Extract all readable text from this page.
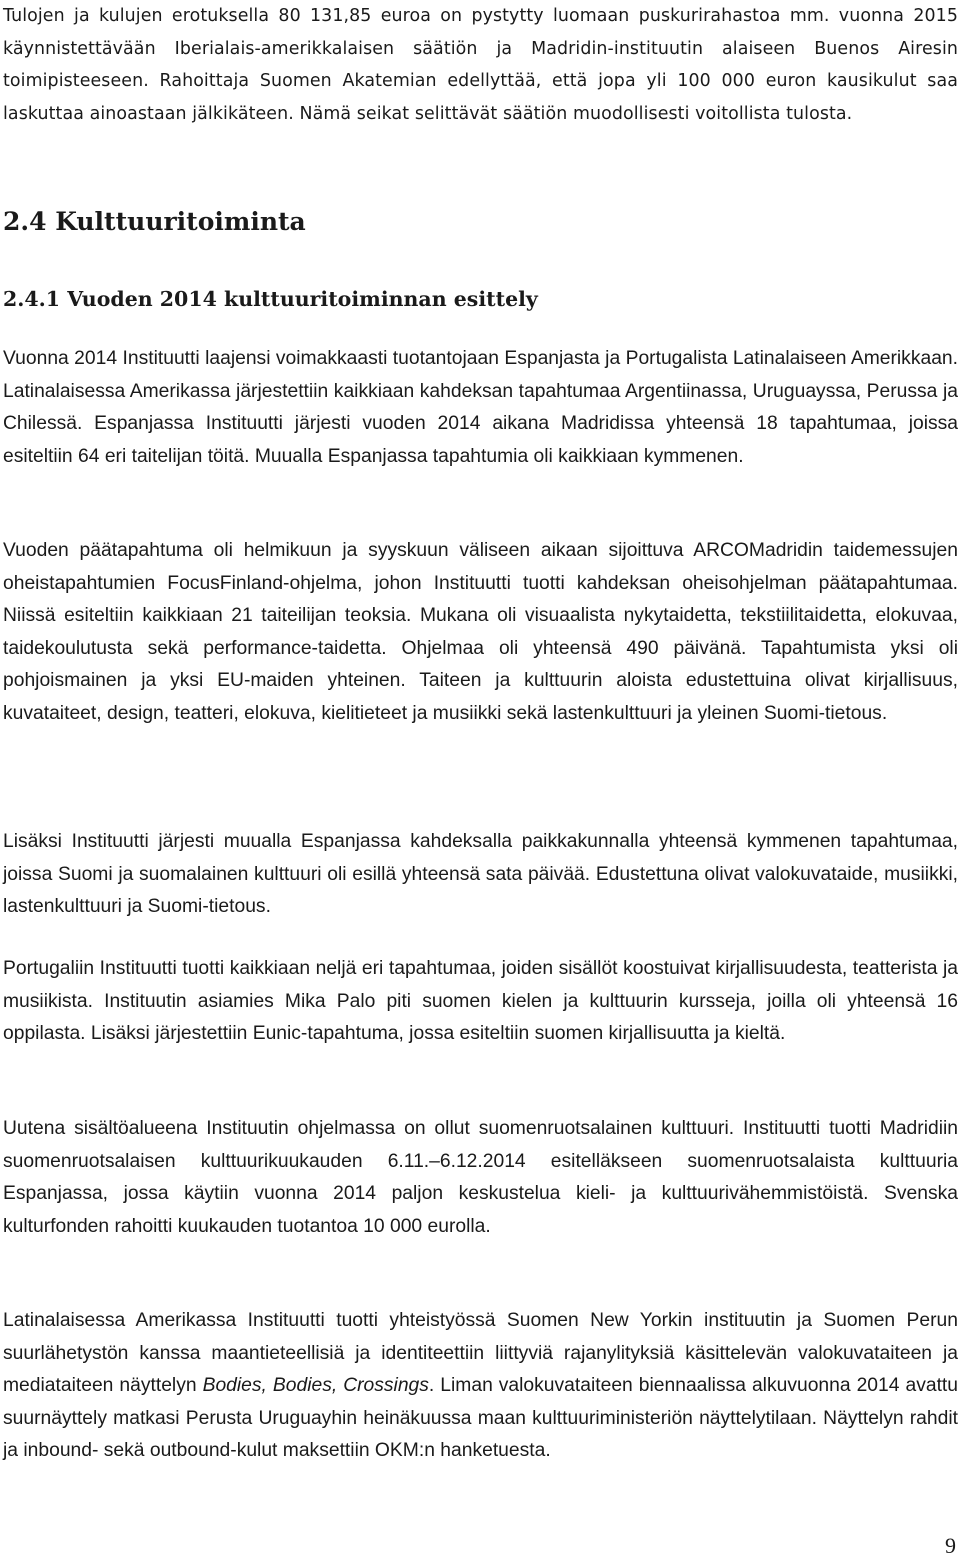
Tulojen ja kulujen erotuksella 80 131,85 euroa on pystytty luomaan puskurirahastoa mm. vuonna 2015 käynnistettävään Iberialais-amerikkalaisen säätiön ja Madridin-instituutin alaiseen Buenos Airesin toimipisteeseen. Rahoittaja Suomen Akatemian edellyttää, että jopa yli 100 000 euron kausikulut saa laskuttaa ainoastaan jälkikäteen. Nämä seikat selittävät säätiön muodollisesti voitollista tulosta.

2.4 Kulttuuritoiminta
2.4.1 Vuoden 2014 kulttuuritoiminnan esittely

Vuonna 2014 Instituutti laajensi voimakkaasti tuotantojaan Espanjasta ja Portugalista Latinalaiseen Amerikkaan. Latinalaisessa Amerikassa järjestettiin kaikkiaan kahdeksan tapahtumaa Argentiinassa, Uruguayssa, Perussa ja Chilessä. Espanjassa Instituutti järjesti vuoden 2014 aikana Madridissa yhteensä 18 tapahtumaa, joissa esiteltiin 64 eri taitelijan töitä. Muualla Espanjassa tapahtumia oli kaikkiaan kymmenen.

Vuoden päätapahtuma oli helmikuun ja syyskuun väliseen aikaan sijoittuva ARCOMadridin taidemessujen oheistapahtumien FocusFinland-ohjelma, johon Instituutti tuotti kahdeksan oheisohjelman päätapahtumaa. Niissä esiteltiin kaikkiaan 21 taiteilijan teoksia. Mukana oli visuaalista nykytaidetta, tekstiilitaidetta, elokuvaa, taidekoulutusta sekä performance-taidetta. Ohjelmaa oli yhteensä 490 päivänä. Tapahtumista yksi oli pohjoismainen ja yksi EU-maiden yhteinen. Taiteen ja kulttuurin aloista edustettuina olivat kirjallisuus, kuvataiteet, design, teatteri, elokuva, kielitieteet ja musiikki sekä lastenkulttuuri ja yleinen Suomi-tietous.

Lisäksi Instituutti järjesti muualla Espanjassa kahdeksalla paikkakunnalla yhteensä kymmenen tapahtumaa, joissa Suomi ja suomalainen kulttuuri oli esillä yhteensä sata päivää. Edustettuna olivat valokuvataide, musiikki, lastenkulttuuri ja Suomi-tietous.

Portugaliin Instituutti tuotti kaikkiaan neljä eri tapahtumaa, joiden sisällöt koostuivat kirjallisuudesta, teatterista ja musiikista. Instituutin asiamies Mika Palo piti suomen kielen ja kulttuurin kursseja, joilla oli yhteensä 16 oppilasta. Lisäksi järjestettiin Eunic-tapahtuma, jossa esiteltiin suomen kirjallisuutta ja kieltä.

Uutena sisältöalueena Instituutin ohjelmassa on ollut suomenruotsalainen kulttuuri. Instituutti tuotti Madridiin suomenruotsalaisen kulttuurikuukauden 6.11.–6.12.2014 esitelläkseen suomenruotsalaista kulttuuria Espanjassa, jossa käytiin vuonna 2014 paljon keskustelua kieli- ja kulttuurivähemmistöistä. Svenska kulturfonden rahoitti kuukauden tuotantoa 10 000 eurolla.

Latinalaisessa Amerikassa Instituutti tuotti yhteistyössä Suomen New Yorkin instituutin ja Suomen Perun suurlähetystön kanssa maantieteellisiä ja identiteettiin liittyviä rajanylityksiä käsittelevän valokuvataiteen ja mediataiteen näyttelyn Bodies, Bodies, Crossings. Liman valokuvataiteen biennaalissa alkuvuonna 2014 avattu suurnäyttely matkasi Perusta Uruguayhin heinäkuussa maan kulttuuriministeriön näyttelytilaan. Näyttelyn rahdit ja inbound- sekä outbound-kulut maksettiin OKM:n hanketuesta.

9
